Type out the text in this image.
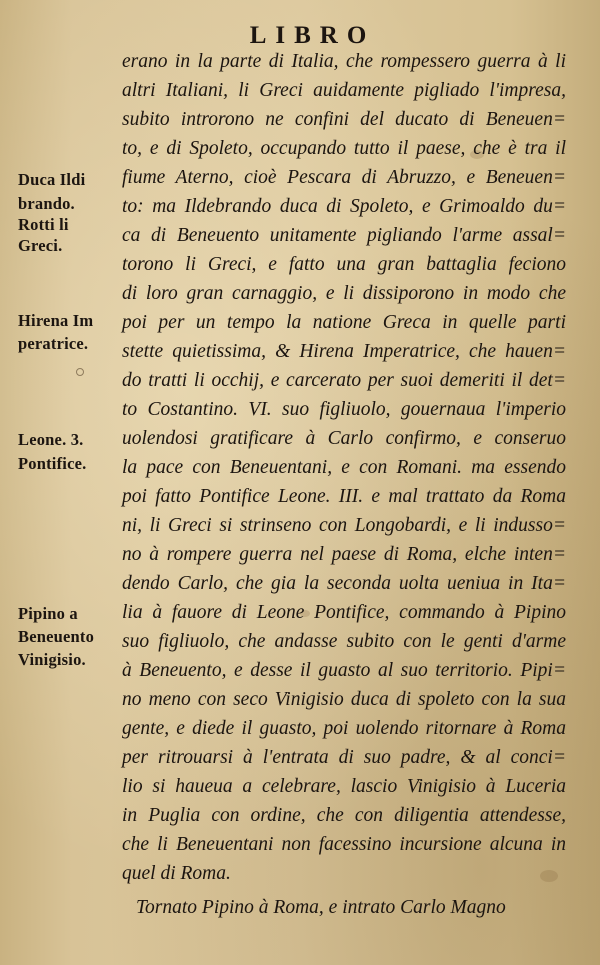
LIBRO
erano in la parte di Italia, che rompessero guerra à li
altri Italiani, li Greci auidamente pigliado l'impresa,
subito introrono ne confini del ducato di Beneuen=
to, e di Spoleto, occupando tutto il paese, che è tra il
fiume Aterno, cioè Pescara di Abruzzo, e Beneuen=
to: ma Ildebrando duca di Spoleto, e Grimoaldo du=
ca di Beneuento unitamente pigliando l'arme assal=
torono li Greci, e fatto una gran battaglia feciono
di loro gran carnaggio, e li dissiporono in modo che
poi per un tempo la natione Greca in quelle parti
stette quietissima, & Hirena Imperatrice, che hauen=
do tratti li occhij, e carcerato per suoi demeriti il det=
to Costantino. VI. suo figliuolo, gouernaua l'imperio
uolendosi gratificare à Carlo confirmo, e conseruo
la pace con Beneuentani, e con Romani. ma essendo
poi fatto Pontifice Leone. III. e mal trattato da Roma
ni, li Greci si strinseno con Longobardi, e li indusso=
no à rompere guerra nel paese di Roma, elche inten=
dendo Carlo, che gia la seconda uolta ueniua in Ita=
lia à fauore di Leone Pontifice, commando à Pipino
suo figliuolo, che andasse subito con le genti d'arme
à Beneuento, e desse il guasto al suo territorio. Pipi=
no meno con seco Vinigisio duca di spoleto con la sua
gente, e diede il guasto, poi uolendo ritornare à Roma
per ritrouarsi à l'entrata di suo padre, & al conci=
lio si haueua a celebrare, lascio Vinigisio à Luceria
in Puglia con ordine, che con diligentia attendesse,
che li Beneuentani non facessino incursione alcuna in
quel di Roma.
Tornato Pipino à Roma, e intrato Carlo Magno
Duca Ildi
brando.
Rotti li
Greci.
Hirena Im
peratrice.
Leone. 3.
Pontifice.
Pipino a
Beneuento
Vinigisio.
